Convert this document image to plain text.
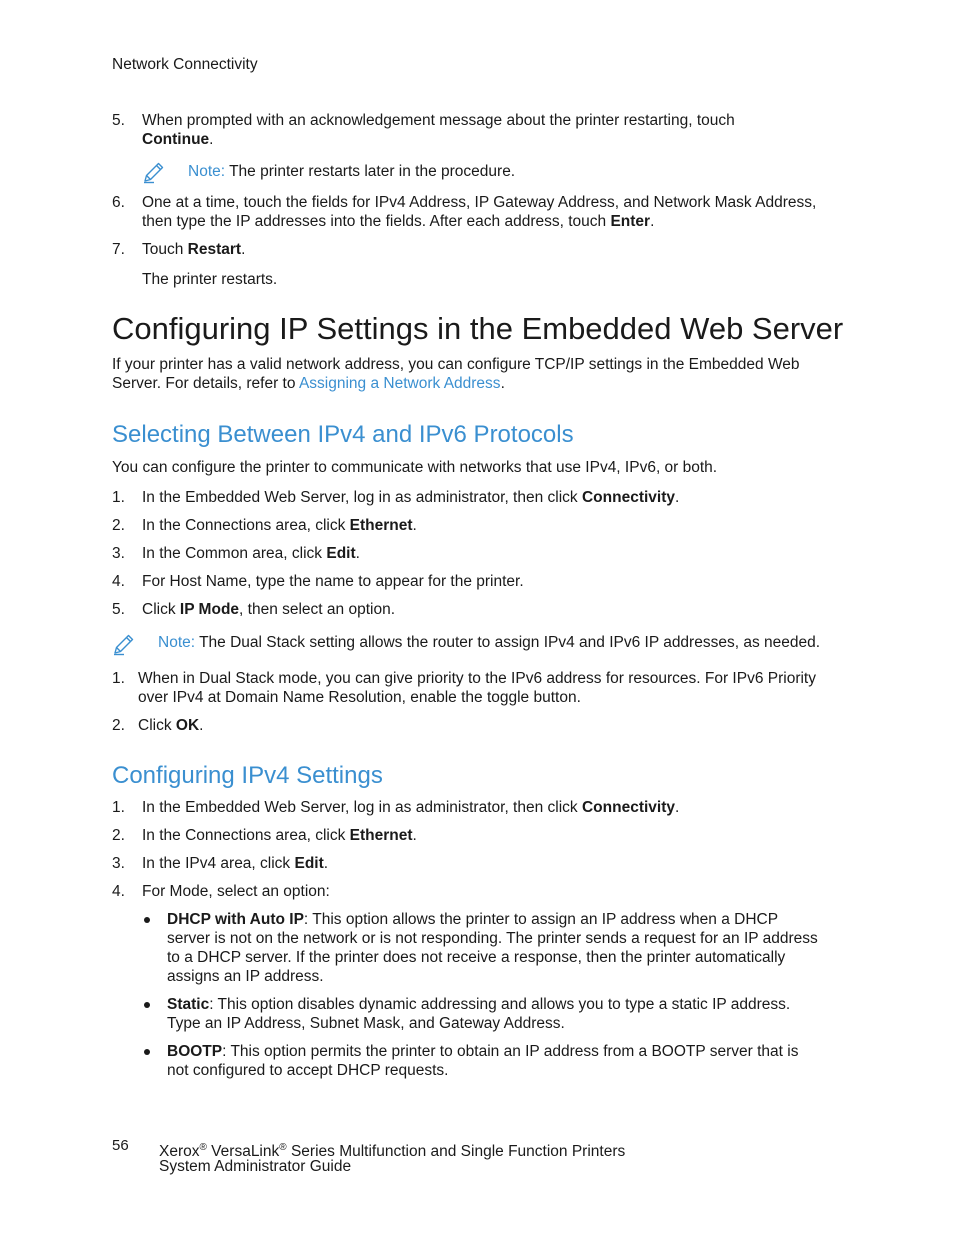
Network Connectivity
5. When prompted with an acknowledgement message about the printer restarting, touch
Continue.
Note: The printer restarts later in the procedure.
6. One at a time, touch the fields for IPv4 Address, IP Gateway Address, and Network Mask Address,
then type the IP addresses into the fields. After each address, touch Enter.
7. Touch Restart.
The printer restarts.
Configuring IP Settings in the Embedded Web Server
If your printer has a valid network address, you can configure TCP/IP settings in the Embedded Web
Server. For details, refer to Assigning a Network Address.
Selecting Between IPv4 and IPv6 Protocols
You can configure the printer to communicate with networks that use IPv4, IPv6, or both.
1. In the Embedded Web Server, log in as administrator, then click Connectivity.
2. In the Connections area, click Ethernet.
3. In the Common area, click Edit.
4. For Host Name, type the name to appear for the printer.
5. Click IP Mode, then select an option.
Note: The Dual Stack setting allows the router to assign IPv4 and IPv6 IP addresses, as needed.
1. When in Dual Stack mode, you can give priority to the IPv6 address for resources. For IPv6 Priority
over IPv4 at Domain Name Resolution, enable the toggle button.
2. Click OK.
Configuring IPv4 Settings
1. In the Embedded Web Server, log in as administrator, then click Connectivity.
2. In the Connections area, click Ethernet.
3. In the IPv4 area, click Edit.
4. For Mode, select an option:
DHCP with Auto IP: This option allows the printer to assign an IP address when a DHCP
server is not on the network or is not responding. The printer sends a request for an IP address
to a DHCP server. If the printer does not receive a response, then the printer automatically
assigns an IP address.
Static: This option disables dynamic addressing and allows you to type a static IP address.
Type an IP Address, Subnet Mask, and Gateway Address.
BOOTP: This option permits the printer to obtain an IP address from a BOOTP server that is
not configured to accept DHCP requests.
56 Xerox® VersaLink® Series Multifunction and Single Function Printers
System Administrator Guide
